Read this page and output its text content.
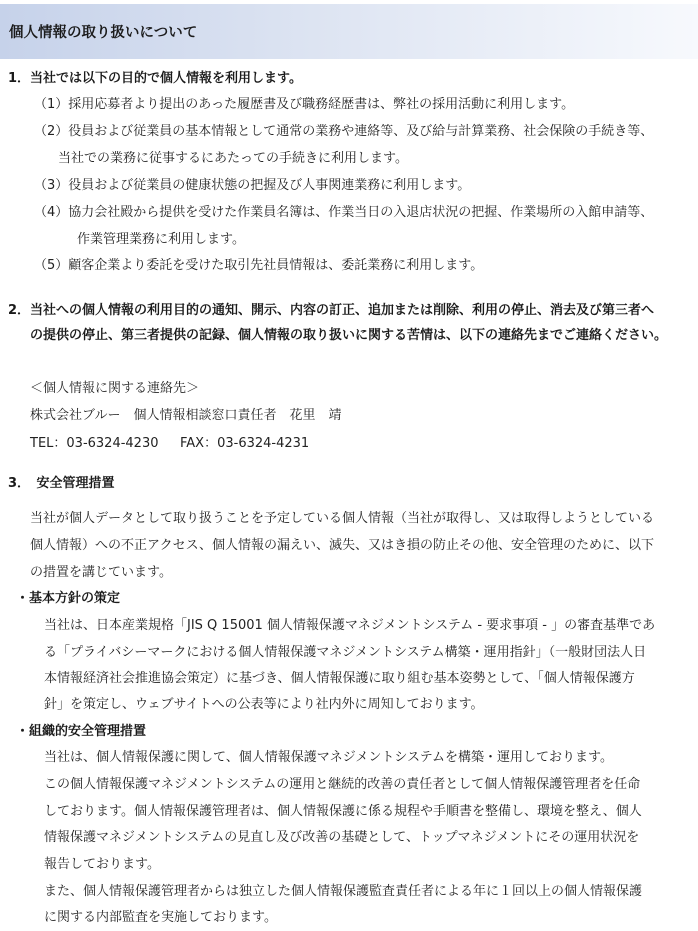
個人情報の取り扱いについて
1．当社では以下の目的で個人情報を利用します。
（1）採用応募者より提出のあった履歴書及び職務経歴書は、弊社の採用活動に利用します。
（2）役員および従業員の基本情報として通常の業務や連絡等、及び給与計算業務、社会保険の手続き等、
当社での業務に従事するにあたっての手続きに利用します。
（3）役員および従業員の健康状態の把握及び人事関連業務に利用します。
（4）協力会社殿から提供を受けた作業員名簿は、作業当日の入退店状況の把握、作業場所の入館申請等、
作業管理業務に利用します。
（5）顧客企業より委託を受けた取引先社員情報は、委託業務に利用します。
2．当社への個人情報の利用目的の通知、開示、内容の訂正、追加または削除、利用の停止、消去及び第三者へ
の提供の停止、第三者提供の記録、個人情報の取り扱いに関する苦情は、以下の連絡先までご連絡ください。
＜個人情報に関する連絡先＞
株式会社ブルー　個人情報相談窓口責任者　花里　靖
TEL：03-6324-4230 FAX：03-6324-4231
3．　安全管理措置
当社が個人データとして取り扱うことを予定している個人情報（当社が取得し、又は取得しようとしている
個人情報）への不正アクセス、個人情報の漏えい、滅失、又はき損の防止その他、安全管理のために、以下
の措置を講じています。
・基本方針の策定
当社は、日本産業規格「JIS Q 15001 個人情報保護マネジメントシステム - 要求事項 - 」の審査基準であ
る「プライバシーマークにおける個人情報保護マネジメントシステム構築・運用指針」（一般財団法人日
本情報経済社会推進協会策定）に基づき、個人情報保護に取り組む基本姿勢として、「個人情報保護方
針」を策定し、ウェブサイトへの公表等により社内外に周知しております。
・組織的安全管理措置
当社は、個人情報保護に関して、個人情報保護マネジメントシステムを構築・運用しております。
この個人情報保護マネジメントシステムの運用と継続的改善の責任者として個人情報保護管理者を任命
しております。個人情報保護管理者は、個人情報保護に係る規程や手順書を整備し、環境を整え、個人
情報保護マネジメントシステムの見直し及び改善の基礎として、トップマネジメントにその運用状況を
報告しております。
また、個人情報保護管理者からは独立した個人情報保護監査責任者による年に１回以上の個人情報保護
に関する内部監査を実施しております。
